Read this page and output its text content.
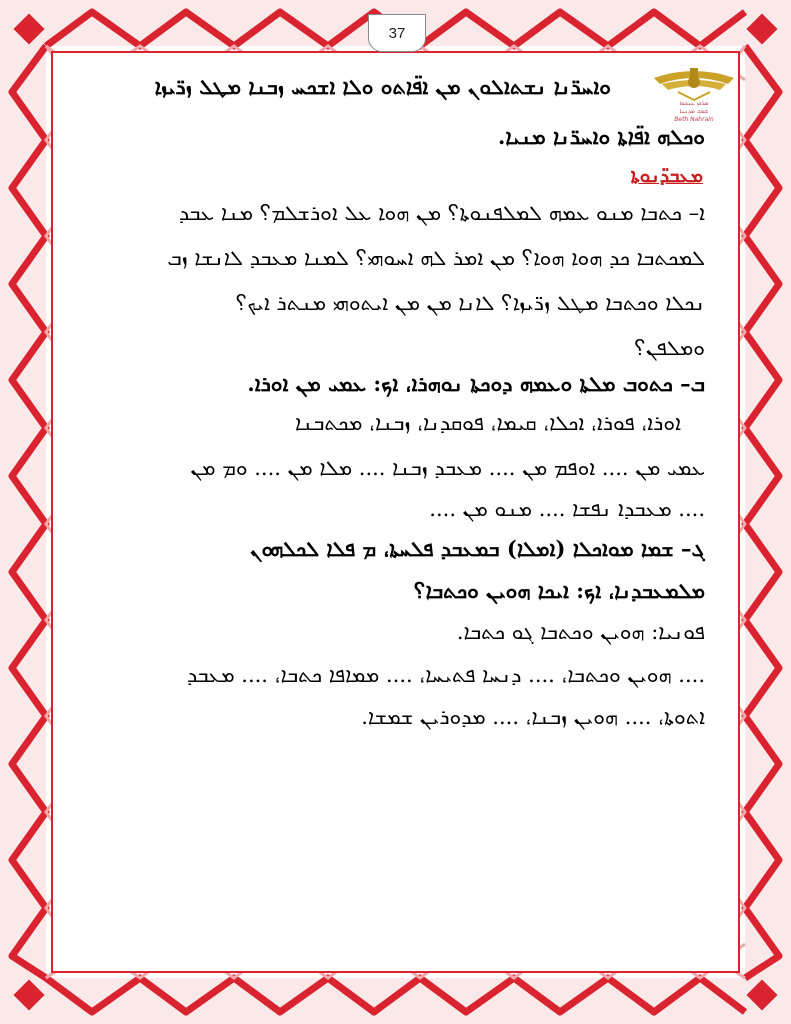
37
ܡܪܟܙ ܥܢܟܘܐ
ܫܡܫ ܡܕܢܚܐ
Beth Nahrain
ܘܐܚܪ̈ܢܐ ܢܫܬܐܠܘܢ ܡܢ ܐܦ̈ܐܬܘ ܘܠܐ ܐܫܟܚ ܙܒܢܐ ܡܛܠ ܙܪ̈ܝܙܐ
ܘܟܠܗ ܐܦ̈ܐܬܐ ܘܐܚܪ̈ܢܐ ܡܢܝܐ.
ܡܥܒܕ̈ܢܘܬܐ
ܐ– ܟܬܒܐ ܡܢܘ ܥܡܗ ܠܡܠܦܢܘܬܐ؟ ܡܢ ܗܘܐ ܥܠ ܐܘܪܫܠܡ؟ ܡܢܐ ܥܒܕ
ܠܡܟܬܒܐ ܟܕ ܗܘܐ ܗܘܐ؟ ܡܢ ܐܡܪ ܠܗ ܐܚܘܗܝ؟ ܠܡܢܐ ܡܥܒܕ ܠܐܢܫܐ ܙܒ
ܢܟܠܐ ܘܟܬܒܐ ܡܛܠ ܙܪ̈ܝܙܐ؟ ܠܐܢܐ ܡܢ ܡܢ ܐܝܬܘܗܝ ܡܢܬܪ ܐܝܟ؟
ܘܡܠܦܢ؟
ܒ– ܟܬܘܒ ܡܠܬܐ ܘܥܡܗ ܕܘܟܬܐ ܢܘܗܪܐ، ܐܟ: ܥܡܝ ܡܢ ܐܘܪܐ.
ܐܘܪܐ، ܦܘܪܐ، ܐܟܠܐ، ܩܝܡܐ، ܦܘܩܕܢܐ، ܙܒܢܐ، ܡܟܬܒܢܐ
ܥܡܝ ܡܢ .... ܐܘܦܡ ܡܢ .... ܡܥܒܕ ܙܒܢܐ .... ܡܠܐ ܡܢ .... ܘܡ ܡܢ
.... ܡܥܒܕܐ ܢܦܫܐ .... ܡܢܘ ܡܢ ....
ܓ– ܫܡܐ ܡܘܐܟܠܐ (ܐܡܠܐ) ܒܡܥܒܕ ܦܠܚܬܐ، ܡ ܦܠܐ ܠܟܠܗܘܢ
ܡܠܡܥܒܕܢܐ، ܐܟ: ܐܝܟܐ ܗܘܝܢ ܘܟܬܒܐ؟
ܦܘܢܝܐ: ܗܘܝܢ ܘܟܬܒܐ ܓܘ ܟܬܒܐ.
.... ܗܘܝܢ ܘܟܬܒܐ، .... ܕܢܚܐ ܦܬܝܚܐ، .... ܡܡܐܦܐ ܟܬܒܐ، .... ܡܥܒܕ
ܐܬܘܬܐ، .... ܗܘܝܢ ܙܒܢܐ، .... ܡܕܘܪܝܢ ܫܡܫܐ.
